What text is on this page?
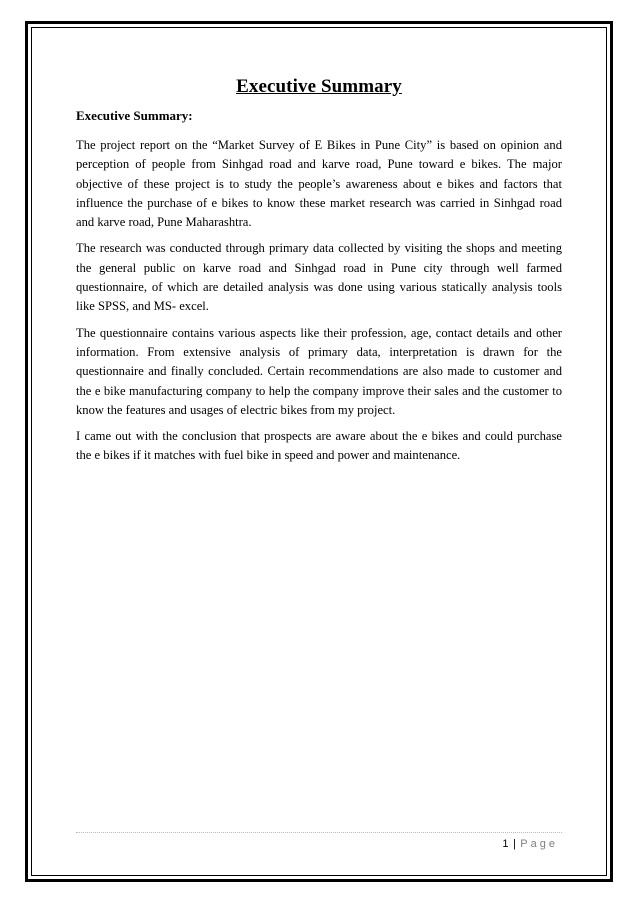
Executive Summary
Executive Summary:

The project report on the “Market Survey of E Bikes in Pune City” is based on opinion and perception of people from Sinhgad road and karve road, Pune toward e bikes. The major objective of these project is to study the people’s awareness about e bikes and factors that influence the purchase of e bikes to know these market research was carried in Sinhgad road and karve road, Pune Maharashtra.

The research was conducted through primary data collected by visiting the shops and meeting the general public on karve road and Sinhgad road in Pune city through well farmed questionnaire, of which are detailed analysis was done using various statically analysis tools like SPSS, and MS- excel.

The questionnaire contains various aspects like their profession, age, contact details and other information. From extensive analysis of primary data, interpretation is drawn for the questionnaire and finally concluded. Certain recommendations are also made to customer and the e bike manufacturing company to help the company improve their sales and the customer to know the features and usages of electric bikes from my project.

I came out with the conclusion that prospects are aware about the e bikes and could purchase the e bikes if it matches with fuel bike in speed and power and maintenance.

1 | Page
